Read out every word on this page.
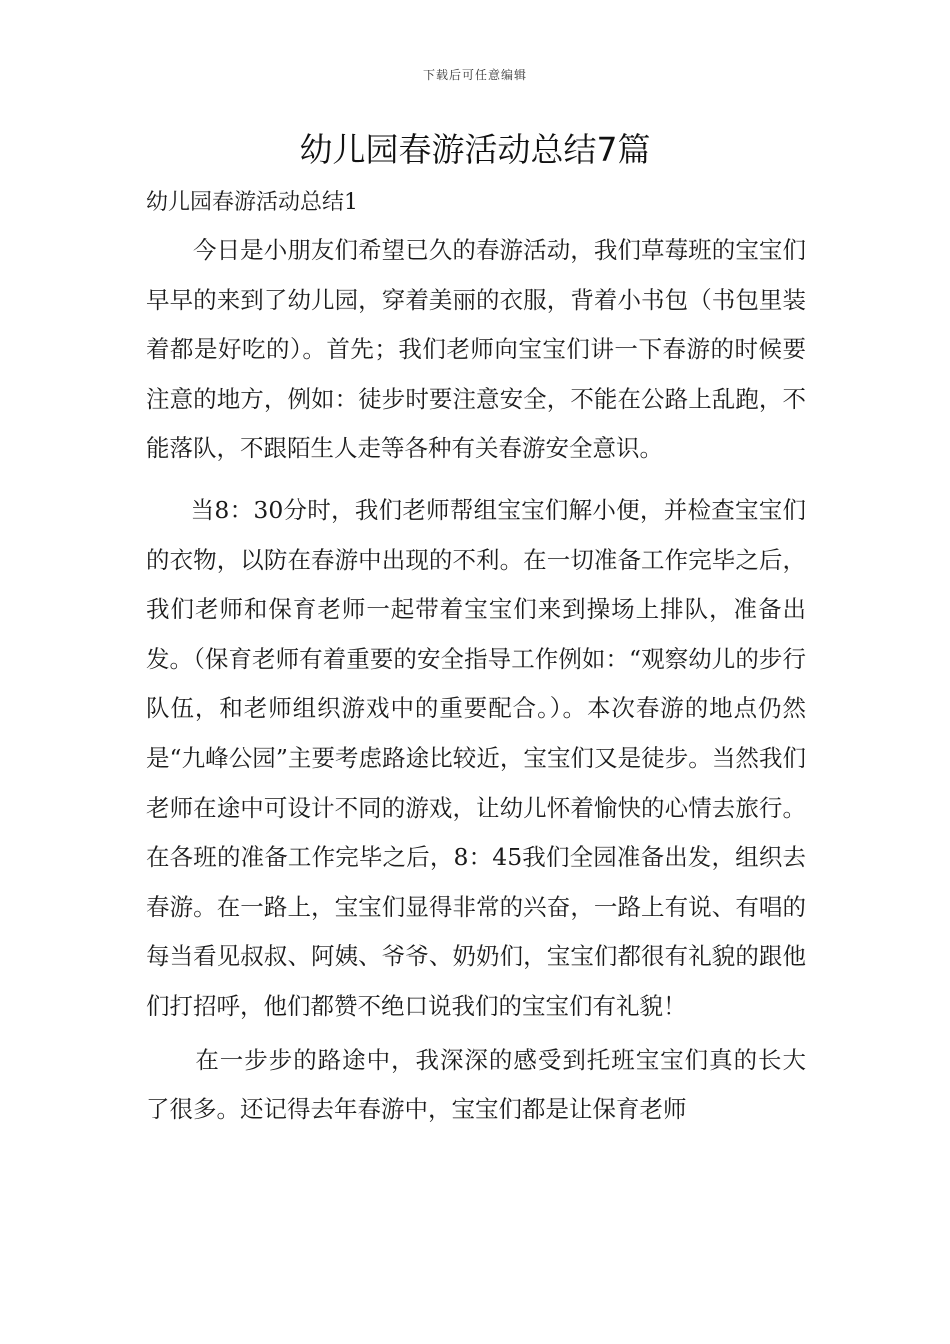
下载后可任意编辑
幼儿园春游活动总结7篇
幼儿园春游活动总结1

今日是小朋友们希望已久的春游活动，我们草莓班的宝宝们早早的来到了幼儿园，穿着美丽的衣服，背着小书包（书包里装着都是好吃的）。首先；我们老师向宝宝们讲一下春游的时候要注意的地方，例如：徒步时要注意安全，不能在公路上乱跑，不能落队，不跟陌生人走等各种有关春游安全意识。

当8：30分时，我们老师帮组宝宝们解小便，并检查宝宝们的衣物，以防在春游中出现的不利。在一切准备工作完毕之后，我们老师和保育老师一起带着宝宝们来到操场上排队，准备出发。（保育老师有着重要的安全指导工作例如：“观察幼儿的步行队伍，和老师组织游戏中的重要配合。）。本次春游的地点仍然是“九峰公园”主要考虑路途比较近，宝宝们又是徒步。当然我们老师在途中可设计不同的游戏，让幼儿怀着愉快的心情去旅行。在各班的准备工作完毕之后，8：45我们全园准备出发，组织去春游。在一路上，宝宝们显得非常的兴奋，一路上有说、有唱的每当看见叔叔、阿姨、爷爷、奶奶们，宝宝们都很有礼貌的跟他们打招呼，他们都赞不绝口说我们的宝宝们有礼貌！

在一步步的路途中，我深深的感受到托班宝宝们真的长大了很多。还记得去年春游中，宝宝们都是让保育老师
